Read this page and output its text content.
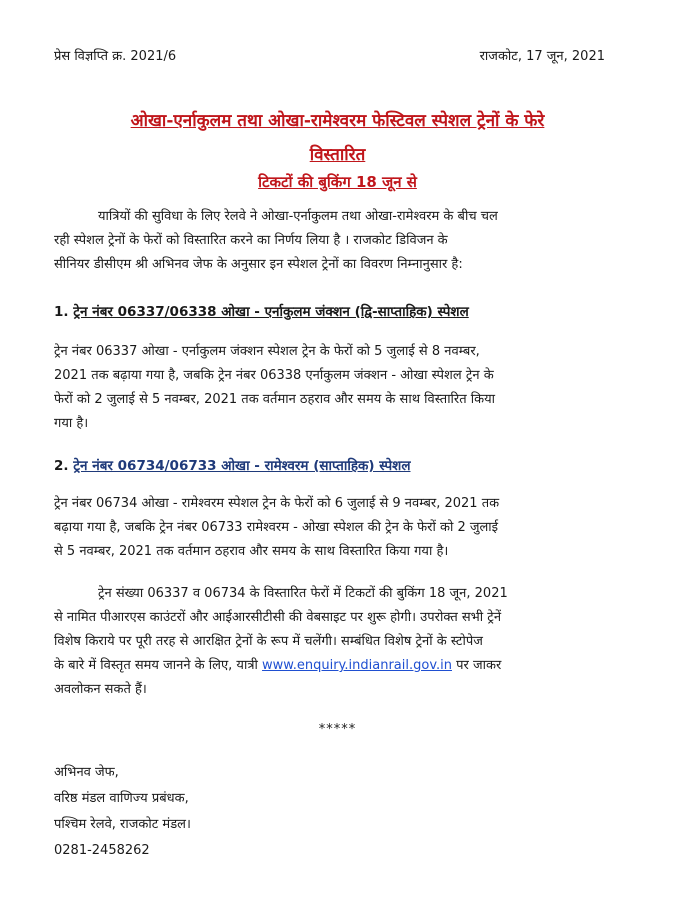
प्रेस विज्ञप्ति क्र. 2021/6	राजकोट, 17 जून, 2021
ओखा-एर्नाकुलम तथा ओखा-रामेश्वरम फेस्टिवल स्पेशल ट्रेनों के फेरे
विस्तारित
टिकटों की बुकिंग 18 जून से
यात्रियों की सुविधा के लिए रेलवे ने ओखा-एर्नाकुलम तथा ओखा-रामेश्वरम के बीच चल
रही स्पेशल ट्रेनों के फेरों को विस्तारित करने का निर्णय लिया है । राजकोट डिविजन के
सीनियर डीसीएम श्री अभिनव जेफ के अनुसार इन स्पेशल ट्रेनों का विवरण निम्नानुसार है:
1. ट्रेन नंबर 06337/06338 ओखा - एर्नाकुलम जंक्शन (द्वि-साप्ताहिक) स्पेशल
ट्रेन नंबर 06337 ओखा - एर्नाकुलम जंक्शन स्पेशल ट्रेन के फेरों को 5 जुलाई से 8 नवम्बर,
2021 तक बढ़ाया गया है, जबकि ट्रेन नंबर 06338 एर्नाकुलम जंक्शन - ओखा स्पेशल ट्रेन के
फेरों को 2 जुलाई से 5 नवम्बर, 2021 तक वर्तमान ठहराव और समय के साथ विस्तारित किया
गया है।
2. ट्रेन नंबर 06734/06733 ओखा - रामेश्वरम (साप्ताहिक) स्पेशल
ट्रेन नंबर 06734 ओखा - रामेश्वरम स्पेशल ट्रेन के फेरों को 6 जुलाई से 9 नवम्बर, 2021 तक
बढ़ाया गया है, जबकि ट्रेन नंबर 06733 रामेश्वरम - ओखा स्पेशल की ट्रेन के फेरों को 2 जुलाई
से 5 नवम्बर, 2021 तक वर्तमान ठहराव और समय के साथ विस्तारित किया गया है।
ट्रेन संख्या 06337 व 06734 के विस्तारित फेरों में टिकटों की बुकिंग 18 जून, 2021
से नामित पीआरएस काउंटरों और आईआरसीटीसी की वेबसाइट पर शुरू होगी। उपरोक्त सभी ट्रेनें
विशेष किराये पर पूरी तरह से आरक्षित ट्रेनों के रूप में चलेंगी। सम्बंधित विशेष ट्रेनों के स्टोपेज
के बारे में विस्तृत समय जानने के लिए, यात्री www.enquiry.indianrail.gov.in पर जाकर
अवलोकन सकते हैं।
*****
अभिनव जेफ,
वरिष्ठ मंडल वाणिज्य प्रबंधक,
पश्चिम रेलवे, राजकोट मंडल।
0281-2458262
